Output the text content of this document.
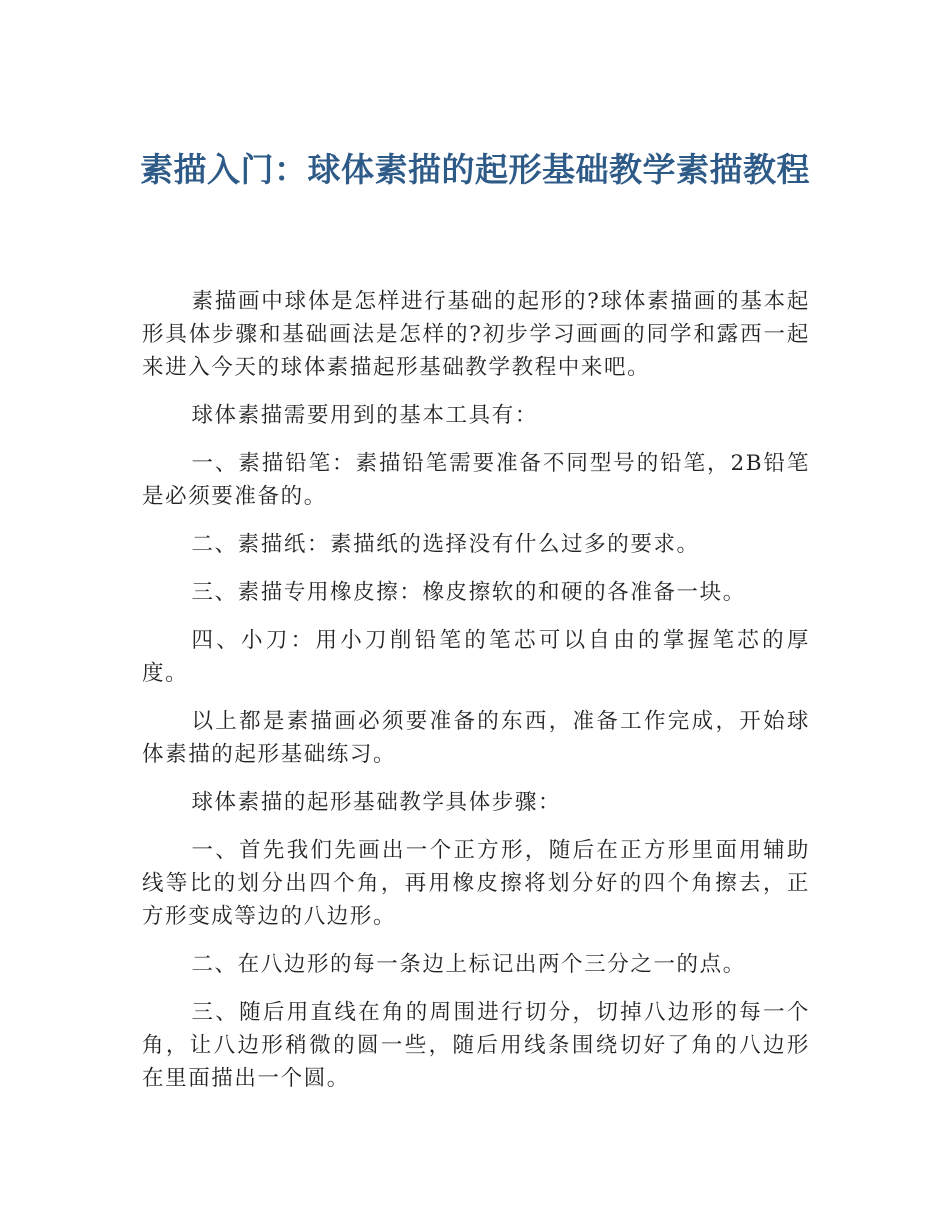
素描入门：球体素描的起形基础教学素描教程

素描画中球体是怎样进行基础的起形的?球体素描画的基本起形具体步骤和基础画法是怎样的?初步学习画画的同学和露西一起来进入今天的球体素描起形基础教学教程中来吧。

球体素描需要用到的基本工具有：

一、素描铅笔：素描铅笔需要准备不同型号的铅笔，2B铅笔是必须要准备的。

二、素描纸：素描纸的选择没有什么过多的要求。

三、素描专用橡皮擦：橡皮擦软的和硬的各准备一块。

四、小刀：用小刀削铅笔的笔芯可以自由的掌握笔芯的厚度。

以上都是素描画必须要准备的东西，准备工作完成，开始球体素描的起形基础练习。

球体素描的起形基础教学具体步骤：

一、首先我们先画出一个正方形，随后在正方形里面用辅助线等比的划分出四个角，再用橡皮擦将划分好的四个角擦去，正方形变成等边的八边形。

二、在八边形的每一条边上标记出两个三分之一的点。

三、随后用直线在角的周围进行切分，切掉八边形的每一个角，让八边形稍微的圆一些，随后用线条围绕切好了角的八边形在里面描出一个圆。
